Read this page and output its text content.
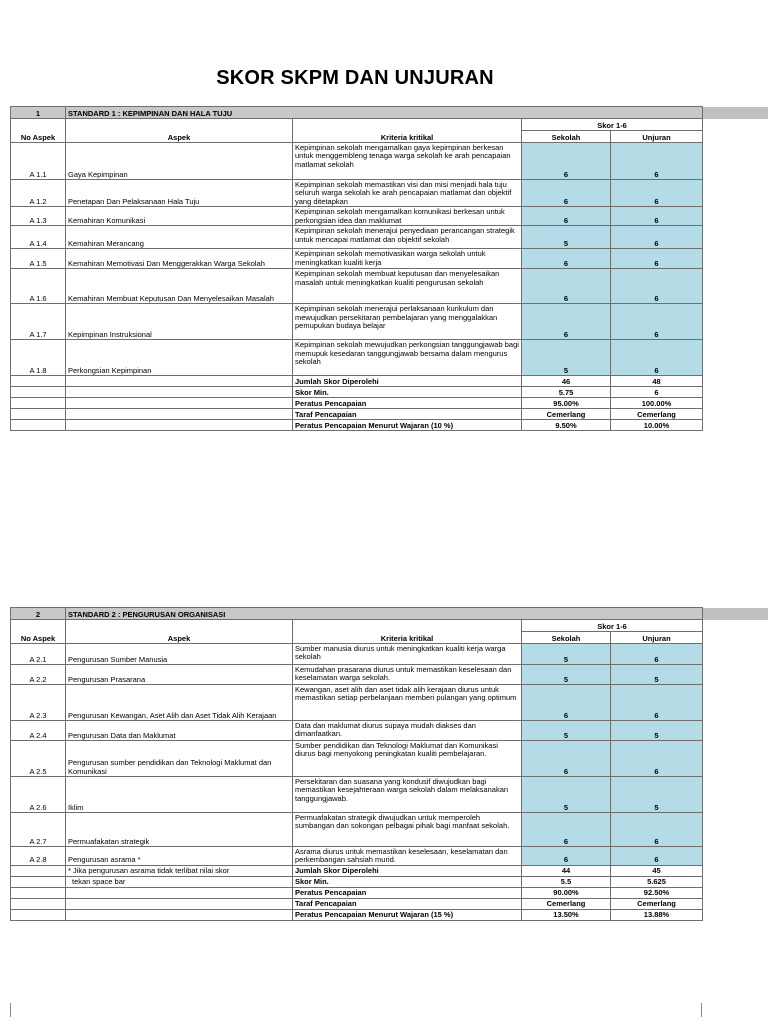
SKOR SKPM DAN UNJURAN
1	STANDARD 1 : KEPIMPINAN DAN HALA TUJU			
No Aspek	Aspek	Kriteria kritikal	Skor 1-6	
			Sekolah	Unjuran
A 1.1	Gaya Kepimpinan	Kepimpinan sekolah mengamalkan gaya kepimpinan berkesan untuk menggembleng tenaga warga sekolah ke arah pencapaian matlamat sekolah	6	6
A 1.2	Penetapan Dan Pelaksanaan Hala Tuju	Kepimpinan sekolah memastikan visi dan misi menjadi hala tuju seluruh warga sekolah ke arah pencapaian matlamat dan objektif yang ditetapkan	6	6
A 1.3	Kemahiran Komunikasi	Kepimpinan sekolah mengamalkan komunikasi berkesan untuk perkongsian idea dan maklumat	6	6
A 1.4	Kemahiran Merancang	Kepimpinan sekolah menerajui penyediaan perancangan strategik untuk mencapai matlamat dan objektif sekolah	5	6
A 1.5	Kemahiran Memotivasi Dan Menggerakkan Warga Sekolah	Kepimpinan sekolah memotivasikan warga sekolah untuk meningkatkan kualiti kerja	6	6
A 1.6	Kemahiran Membuat Keputusan Dan Menyelesaikan Masalah	Kepimpinan sekolah membuat keputusan dan menyelesaikan masalah untuk meningkatkan kualiti pengurusan sekolah	6	6
A 1.7	Kepimpinan Instruksional	Kepimpinan sekolah menerajui perlaksanaan kurikulum dan mewujudkan persekitaran pembelajaran yang menggalakkan pemupukan budaya belajar	6	6
A 1.8	Perkongsian Kepimpinan	Kepimpinan sekolah mewujudkan perkongsian tanggungjawab bagi memupuk kesedaran tanggungjawab bersama dalam mengurus sekolah	5	6
		Jumlah Skor Diperolehi	46	48
		Skor Min.	5.75	6
		Peratus Pencapaian	95.00%	100.00%
		Taraf Pencapaian	Cemerlang	Cemerlang
		Peratus Pencapaian Menurut Wajaran (10 %)	9.50%	10.00%
2	STANDARD 2 : PENGURUSAN ORGANISASI			
No Aspek	Aspek	Kriteria kritikal	Skor 1-6	
			Sekolah	Unjuran
A 2.1	Pengurusan Sumber Manusia	Sumber manusia diurus untuk meningkatkan kualiti kerja warga sekolah	5	6
A 2.2	Pengurusan Prasarana	Kemudahan prasarana diurus untuk memastikan keselesaan dan keselamatan warga sekolah.	5	5
A 2.3	Pengurusan Kewangan, Aset Alih dan Aset Tidak Alih Kerajaan	Kewangan, aset alih dan aset tidak alih kerajaan diurus untuk memastikan setiap perbelanjaan memberi pulangan yang optimum	6	6
A 2.4	Pengurusan Data dan Maklumat	Data dan maklumat diurus supaya mudah diakses dan dimanfaatkan.	5	5
A 2.5	Pengurusan sumber pendidikan dan Teknologi Maklumat dan Komunikasi	Sumber pendidikan dan Teknologi Maklumat dan Komunikasi diurus bagi menyokong peningkatan kualiti pembelajaran.	6	6
A 2.6	Iklim	Persekitaran dan suasana yang kondusif diwujudkan bagi memastikan kesejahteraan warga sekolah dalam melaksanakan tanggungjawab.	5	5
A 2.7	Permuafakatan strategik	Permuafakatan strategik diwujudkan untuk memperoleh sumbangan dan sokongan pelbagai pihak bagi manfaat sekolah.	6	6
A 2.8	Pengurusan asrama *	Asrama diurus untuk memastikan keselesaan, keselamatan dan perkembangan sahsiah murid.	6	6
	* Jika pengurusan asrama tidak terlibat nilai skor	Jumlah Skor Diperolehi	44	45
	tekan space bar	Skor Min.	5.5	5.625
		Peratus Pencapaian	90.00%	92.50%
		Taraf Pencapaian	Cemerlang	Cemerlang
		Peratus Pencapaian Menurut Wajaran (15 %)	13.50%	13.88%
